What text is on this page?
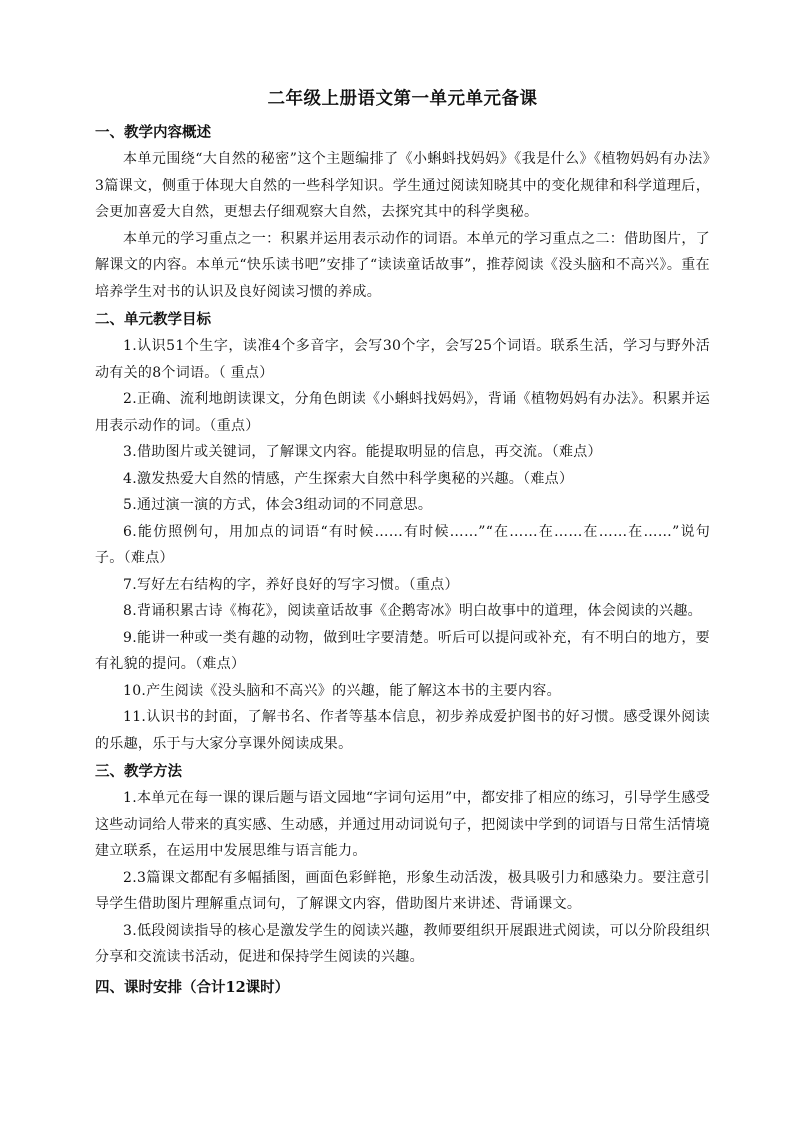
二年级上册语文第一单元单元备课
一、教学内容概述

本单元围绕“大自然的秘密”这个主题编排了《小蝌蚪找妈妈》《我是什么》《植物妈妈有办法》3篇课文，侧重于体现大自然的一些科学知识。学生通过阅读知晓其中的变化规律和科学道理后，会更加喜爱大自然，更想去仔细观察大自然，去探究其中的科学奥秘。

本单元的学习重点之一：积累并运用表示动作的词语。本单元的学习重点之二：借助图片，了解课文的内容。本单元“快乐读书吧”安排了“读读童话故事”，推荐阅读《没头脑和不高兴》。重在培养学生对书的认识及良好阅读习惯的养成。

二、单元教学目标

1.认识51个生字，读准4个多音字，会写30个字，会写25个词语。联系生活，学习与野外活动有关的8个词语。（ 重点）

2.正确、流利地朗读课文，分角色朗读《小蝌蚪找妈妈》，背诵《植物妈妈有办法》。积累并运用表示动作的词。（重点）

3.借助图片或关键词，了解课文内容。能提取明显的信息，再交流。（难点）

4.激发热爱大自然的情感，产生探索大自然中科学奥秘的兴趣。（难点）

5.通过演一演的方式，体会3组动词的不同意思。

6.能仿照例句，用加点的词语“有时候……有时候……”“在……在……在……在……”说句子。（难点）

7.写好左右结构的字，养好良好的写字习惯。（重点）

8.背诵积累古诗《梅花》，阅读童话故事《企鹅寄冰》明白故事中的道理，体会阅读的兴趣。

9.能讲一种或一类有趣的动物，做到吐字要清楚。听后可以提问或补充，有不明白的地方，要有礼貌的提问。（难点）

10.产生阅读《没头脑和不高兴》的兴趣，能了解这本书的主要内容。

11.认识书的封面，了解书名、作者等基本信息，初步养成爱护图书的好习惯。感受课外阅读的乐趣，乐于与大家分享课外阅读成果。

三、教学方法

1.本单元在每一课的课后题与语文园地“字词句运用”中，都安排了相应的练习，引导学生感受这些动词给人带来的真实感、生动感，并通过用动词说句子，把阅读中学到的词语与日常生活情境建立联系，在运用中发展思维与语言能力。

2.3篇课文都配有多幅插图，画面色彩鲜艳，形象生动活泼，极具吸引力和感染力。要注意引导学生借助图片理解重点词句，了解课文内容，借助图片来讲述、背诵课文。

3.低段阅读指导的核心是激发学生的阅读兴趣，教师要组织开展跟进式阅读，可以分阶段组织分享和交流读书活动，促进和保持学生阅读的兴趣。

四、课时安排（合计12课时）
